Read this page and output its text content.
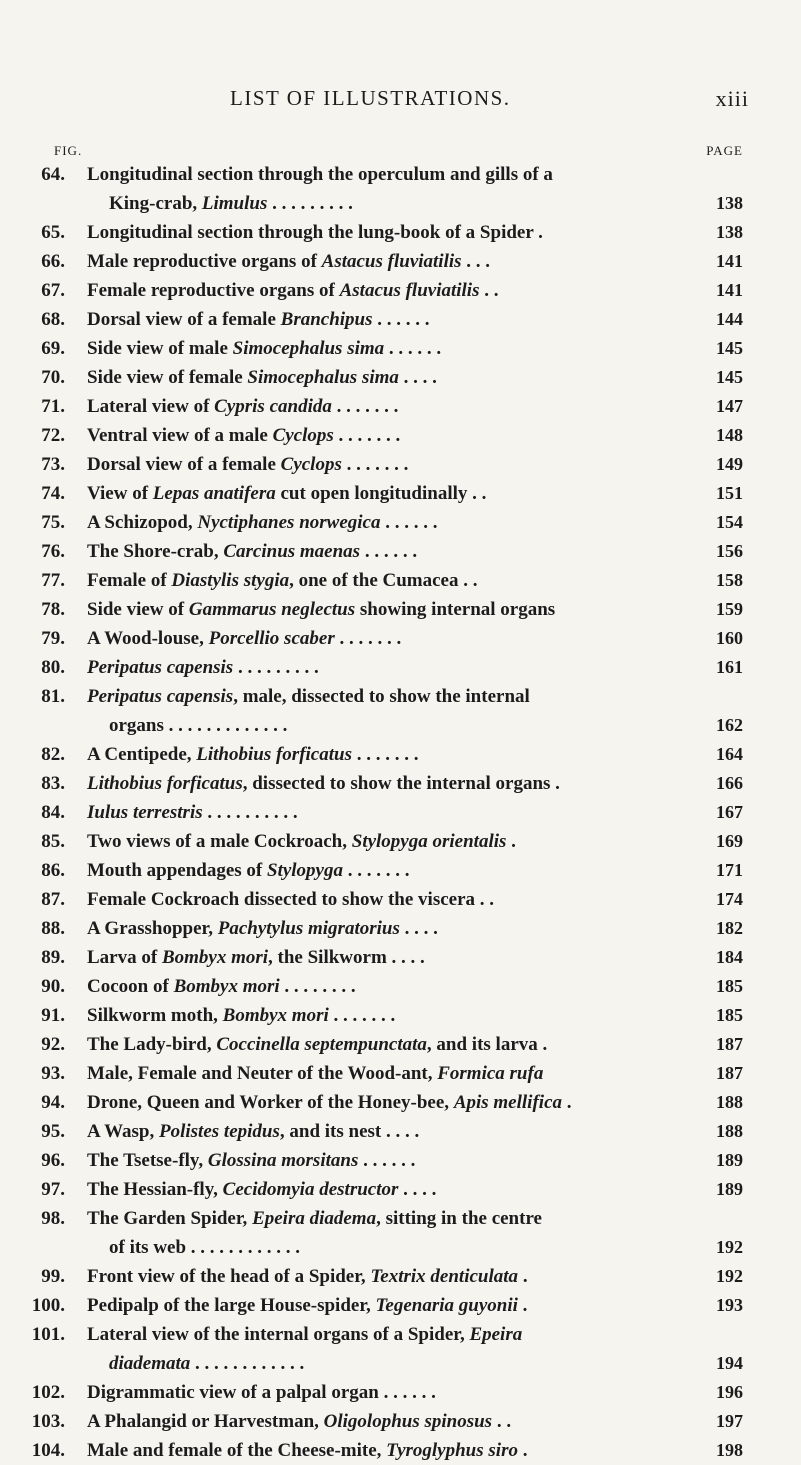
LIST OF ILLUSTRATIONS.	xiii
FIG.	PAGE
64. Longitudinal section through the operculum and gills of a
King-crab, Limulus . . . . . . . . .	138
65. Longitudinal section through the lung-book of a Spider .	138
66. Male reproductive organs of Astacus fluviatilis . . .	141
67. Female reproductive organs of Astacus fluviatilis . .	141
68. Dorsal view of a female Branchipus . . . . . .	144
69. Side view of male Simocephalus sima . . . . . .	145
70. Side view of female Simocephalus sima . . . .	145
71. Lateral view of Cypris candida . . . . . . .	147
72. Ventral view of a male Cyclops . . . . . . .	148
73. Dorsal view of a female Cyclops . . . . . . .	149
74. View of Lepas anatifera cut open longitudinally . .	151
75. A Schizopod, Nyctiphanes norwegica . . . . . .	154
76. The Shore-crab, Carcinus maenas . . . . . .	156
77. Female of Diastylis stygia, one of the Cumacea . .	158
78. Side view of Gammarus neglectus showing internal organs	159
79. A Wood-louse, Porcellio scaber . . . . . . .	160
80. Peripatus capensis . . . . . . . . .	161
81. Peripatus capensis, male, dissected to show the internal
organs . . . . . . . . . . . . .	162
82. A Centipede, Lithobius forficatus . . . . . . .	164
83. Lithobius forficatus, dissected to show the internal organs .	166
84. Iulus terrestris . . . . . . . . . .	167
85. Two views of a male Cockroach, Stylopyga orientalis .	169
86. Mouth appendages of Stylopyga . . . . . . .	171
87. Female Cockroach dissected to show the viscera . .	174
88. A Grasshopper, Pachytylus migratorius . . . .	182
89. Larva of Bombyx mori, the Silkworm . . . .	184
90. Cocoon of Bombyx mori . . . . . . . .	185
91. Silkworm moth, Bombyx mori . . . . . . .	185
92. The Lady-bird, Coccinella septempunctata, and its larva .	187
93. Male, Female and Neuter of the Wood-ant, Formica rufa	187
94. Drone, Queen and Worker of the Honey-bee, Apis mellifica .	188
95. A Wasp, Polistes tepidus, and its nest . . . .	188
96. The Tsetse-fly, Glossina morsitans . . . . . .	189
97. The Hessian-fly, Cecidomyia destructor . . . .	189
98. The Garden Spider, Epeira diadema, sitting in the centre
of its web . . . . . . . . . . . .	192
99. Front view of the head of a Spider, Textrix denticulata .	192
100. Pedipalp of the large House-spider, Tegenaria guyonii .	193
101. Lateral view of the internal organs of a Spider, Epeira
diademata . . . . . . . . . . . .	194
102. Digrammatic view of a palpal organ . . . . . .	196
103. A Phalangid or Harvestman, Oligolophus spinosus . .	197
104. Male and female of the Cheese-mite, Tyroglyphus siro .	198
